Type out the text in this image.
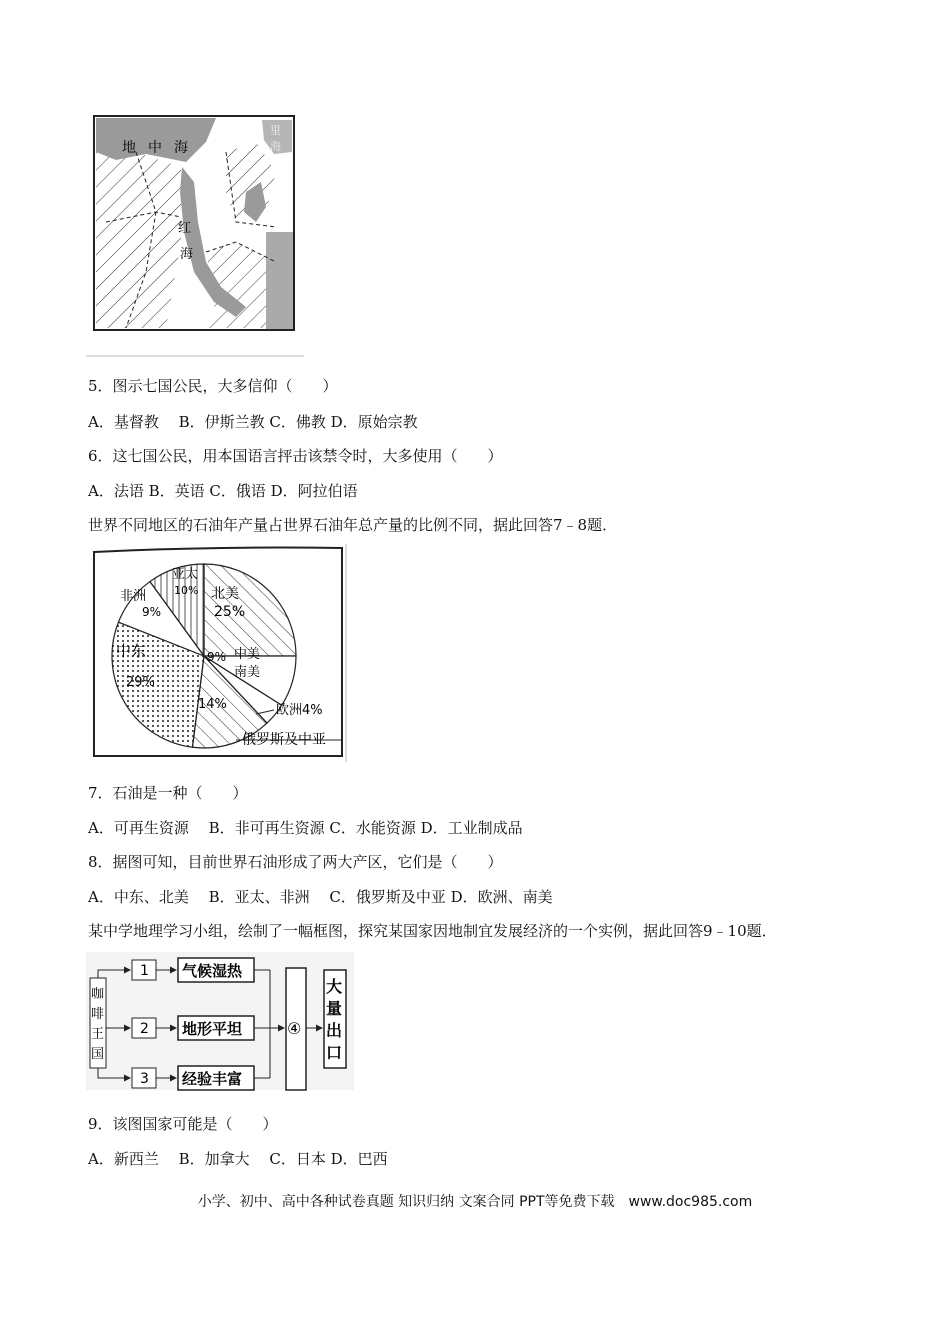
地 中 海
红
海
里
海
5．图示七国公民，大多信仰（　　）
A．基督教　 B．伊斯兰教 C．佛教 D．原始宗教
6．这七国公民，用本国语言抨击该禁令时，大多使用（　　）
A．法语 B．英语 C．俄语 D．阿拉伯语
世界不同地区的石油年产量占世界石油年总产量的比例不同，据此回答7﹣8题．
北美
25%
中美
南美
9%
欧洲4%
俄罗斯及中亚
14%
中东
29%
非洲
9%
亚太
10%
7．石油是一种（　　）
A．可再生资源　 B．非可再生资源 C．水能资源 D．工业制成品
8．据图可知，目前世界石油形成了两大产区，它们是（　　）
A．中东、北美　 B．亚太、非洲　 C．俄罗斯及中亚 D．欧洲、南美
某中学地理学习小组，绘制了一幅框图，探究某国家因地制宜发展经济的一个实例，据此回答9﹣10题．
咖
啡
王
国
1
2
3
气候湿热
地形平坦
经验丰富
④
大
量
出
口
9．该图国家可能是（　　）
A．新西兰　 B．加拿大　 C．日本 D．巴西
小学、初中、高中各种试卷真题 知识归纳 文案合同 PPT等免费下载　www.doc985.com
